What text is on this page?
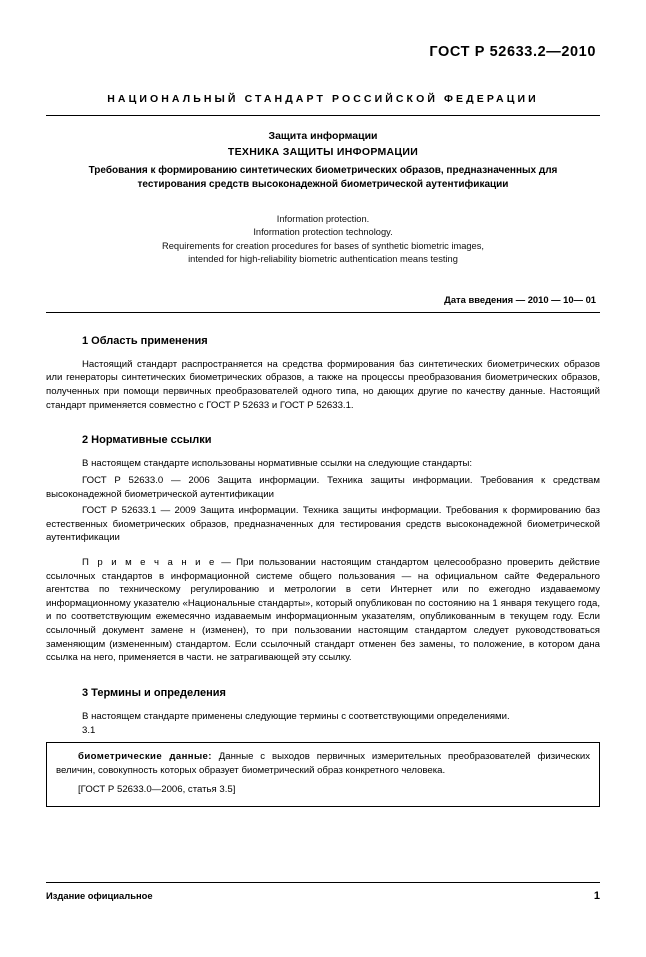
ГОСТ Р 52633.2—2010
НАЦИОНАЛЬНЫЙ СТАНДАРТ РОССИЙСКОЙ ФЕДЕРАЦИИ
Защита информации
ТЕХНИКА ЗАЩИТЫ ИНФОРМАЦИИ
Требования к формированию синтетических биометрических образов, предназначенных для тестирования средств высоконадежной биометрической аутентификации
Information protection.
Information protection technology.
Requirements for creation procedures for bases of synthetic biometric images,
intended for high-reliability biometric authentication means testing
Дата введения — 2010 — 10— 01
1 Область применения

Настоящий стандарт распространяется на средства формирования баз синтетических биометрических образов или генераторы синтетических биометрических образов, а также на процессы преобразования биометрических образов, полученных при помощи первичных преобразователей одного типа, но дающих другие по качеству данные. Настоящий стандарт применяется совместно с ГОСТ Р 52633 и ГОСТ Р 52633.1.

2 Нормативные ссылки

В настоящем стандарте использованы нормативные ссылки на следующие стандарты:

ГОСТ Р 52633.0 — 2006 Защита информации. Техника защиты информации. Требования к средствам высоконадежной биометрической аутентификации

ГОСТ Р 52633.1 — 2009 Защита информации. Техника защиты информации. Требования к формированию баз естественных биометрических образов, предназначенных для тестирования средств высоконадежной биометрической аутентификации

П р и м е ч а н и е — При пользовании настоящим стандартом целесообразно проверить действие ссылочных стандартов в информационной системе общего пользования — на официальном сайте Федерального агентства по техническому регулированию и метрологии в сети Интернет или по ежегодно издаваемому информационному указателю «Национальные стандарты», который опубликован по состоянию на 1 января текущего года, и по соответствующим ежемесячно издаваемым информационным указателям, опубликованным в текущем году. Если ссылочный документ замене н (изменен), то при пользовании настоящим стандартом следует руководствоваться заменяющим (измененным) стандартом. Если ссылочный стандарт отменен без замены, то положение, в котором дана ссылка на него, применяется в части. не затрагивающей эту ссылку.

3 Термины и определения

В настоящем стандарте применены следующие термины с соответствующими определениями.

3.1

биометрические данные: Данные с выходов первичных измерительных преобразователей физических величин, совокупность которых образует биометрический образ конкретного человека.

[ГОСТ Р 52633.0—2006, статья 3.5]

Издание официальное	1
